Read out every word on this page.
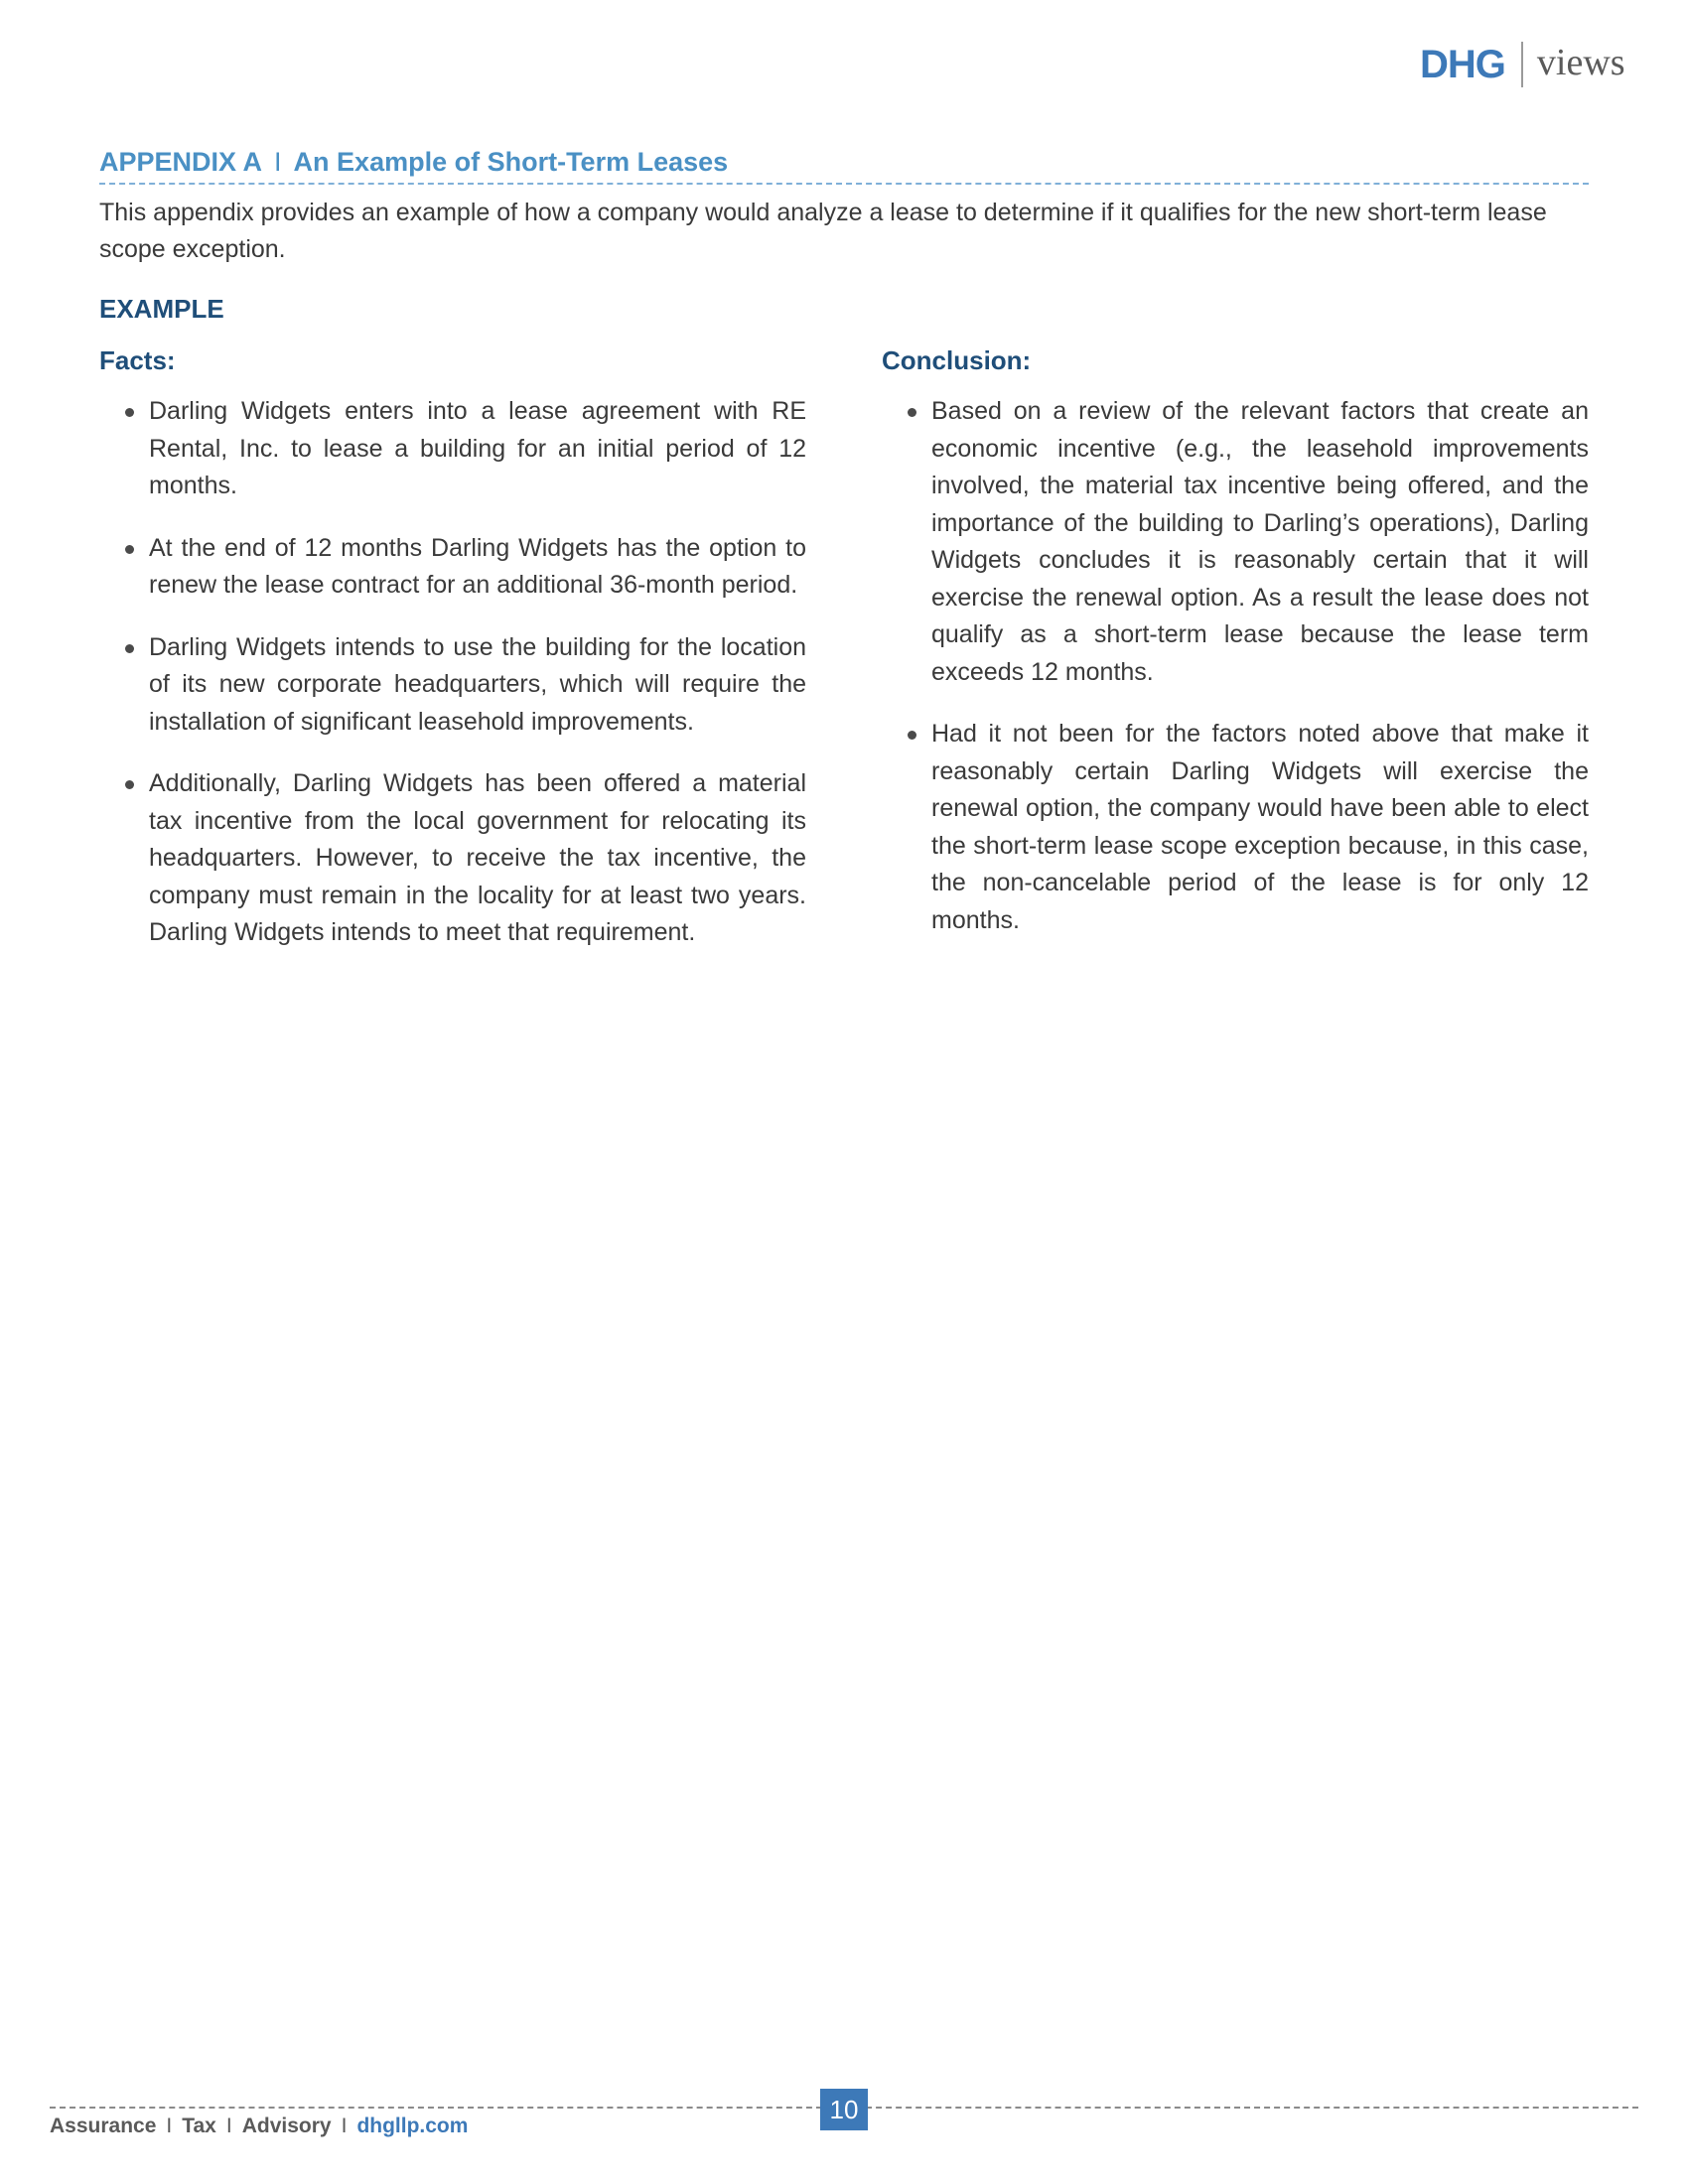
DHG views
APPENDIX A I An Example of Short-Term Leases

This appendix provides an example of how a company would analyze a lease to determine if it qualifies for the new short-term lease scope exception.

EXAMPLE
Facts:
Darling Widgets enters into a lease agreement with RE Rental, Inc. to lease a building for an initial period of 12 months.
At the end of 12 months Darling Widgets has the option to renew the lease contract for an additional 36-month period.
Darling Widgets intends to use the building for the location of its new corporate headquarters, which will require the installation of significant leasehold improvements.
Additionally, Darling Widgets has been offered a material tax incentive from the local government for relocating its headquarters. However, to receive the tax incentive, the company must remain in the locality for at least two years. Darling Widgets intends to meet that requirement.
Conclusion:
Based on a review of the relevant factors that create an economic incentive (e.g., the leasehold improvements involved, the material tax incentive being offered, and the importance of the building to Darling’s operations), Darling Widgets concludes it is reasonably certain that it will exercise the renewal option. As a result the lease does not qualify as a short-term lease because the lease term exceeds 12 months.
Had it not been for the factors noted above that make it reasonably certain Darling Widgets will exercise the renewal option, the company would have been able to elect the short-term lease scope exception because, in this case, the non-cancelable period of the lease is for only 12 months.
10
Assurance I Tax I Advisory I dhgllp.com
